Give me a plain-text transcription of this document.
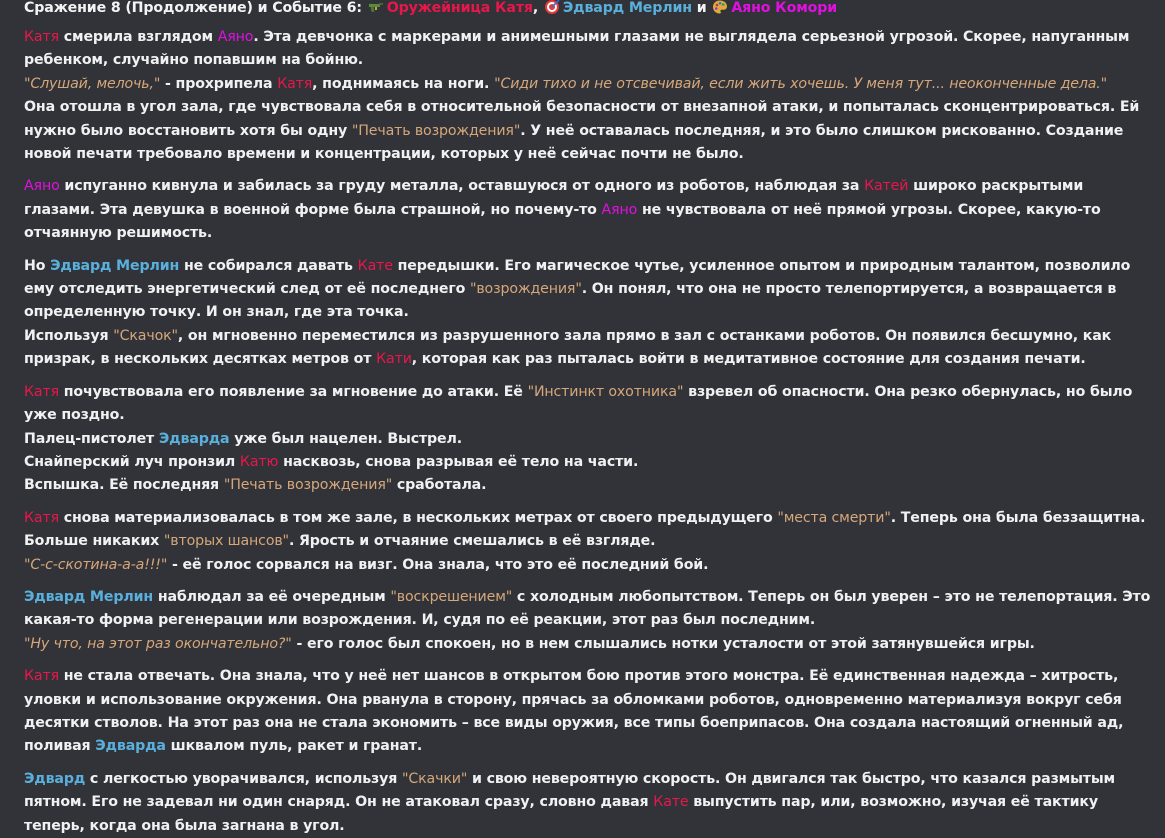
Сражение 8 (Продолжение) и Событие 6: Оружейница Катя, Эдвард Мерлин и Аяно Комори
Катя смерила взглядом Аяно. Эта девчонка с маркерами и анимешными глазами не выглядела серьезной угрозой. Скорее, напуганным ребенком, случайно попавшим на бойню.
"Слушай, мелочь," - прохрипела Катя, поднимаясь на ноги. "Сиди тихо и не отсвечивай, если жить хочешь. У меня тут... неоконченные дела."
Она отошла в угол зала, где чувствовала себя в относительной безопасности от внезапной атаки, и попыталась сконцентрироваться. Ей нужно было восстановить хотя бы одну "Печать возрождения". У неё оставалась последняя, и это было слишком рискованно. Создание новой печати требовало времени и концентрации, которых у неё сейчас почти не было.
Аяно испуганно кивнула и забилась за груду металла, оставшуюся от одного из роботов, наблюдая за Катей широко раскрытыми глазами. Эта девушка в военной форме была страшной, но почему-то Аяно не чувствовала от неё прямой угрозы. Скорее, какую-то отчаянную решимость.
Но Эдвард Мерлин не собирался давать Кате передышки. Его магическое чутье, усиленное опытом и природным талантом, позволило ему отследить энергетический след от её последнего "возрождения". Он понял, что она не просто телепортируется, а возвращается в определенную точку. И он знал, где эта точка.
Используя "Скачок", он мгновенно переместился из разрушенного зала прямо в зал с останками роботов. Он появился бесшумно, как призрак, в нескольких десятках метров от Кати, которая как раз пыталась войти в медитативное состояние для создания печати.
Катя почувствовала его появление за мгновение до атаки. Её "Инстинкт охотника" взревел об опасности. Она резко обернулась, но было уже поздно.
Палец-пистолет Эдварда уже был нацелен. Выстрел.
Снайперский луч пронзил Катю насквозь, снова разрывая её тело на части.
Вспышка. Её последняя "Печать возрождения" сработала.
Катя снова материализовалась в том же зале, в нескольких метрах от своего предыдущего "места смерти". Теперь она была беззащитна. Больше никаких "вторых шансов". Ярость и отчаяние смешались в её взгляде.
"С-с-скотина-а-а!!!" - её голос сорвался на визг. Она знала, что это её последний бой.
Эдвард Мерлин наблюдал за её очередным "воскрешением" с холодным любопытством. Теперь он был уверен – это не телепортация. Это какая-то форма регенерации или возрождения. И, судя по её реакции, этот раз был последним.
"Ну что, на этот раз окончательно?" - его голос был спокоен, но в нем слышались нотки усталости от этой затянувшейся игры.
Катя не стала отвечать. Она знала, что у неё нет шансов в открытом бою против этого монстра. Её единственная надежда – хитрость, уловки и использование окружения. Она рванула в сторону, прячась за обломками роботов, одновременно материализуя вокруг себя десятки стволов. На этот раз она не стала экономить – все виды оружия, все типы боеприпасов. Она создала настоящий огненный ад, поливая Эдварда шквалом пуль, ракет и гранат.
Эдвард с легкостью уворачивался, используя "Скачки" и свою невероятную скорость. Он двигался так быстро, что казался размытым пятном. Его не задевал ни один снаряд. Он не атаковал сразу, словно давая Кате выпустить пар, или, возможно, изучая её тактику теперь, когда она была загнана в угол.
